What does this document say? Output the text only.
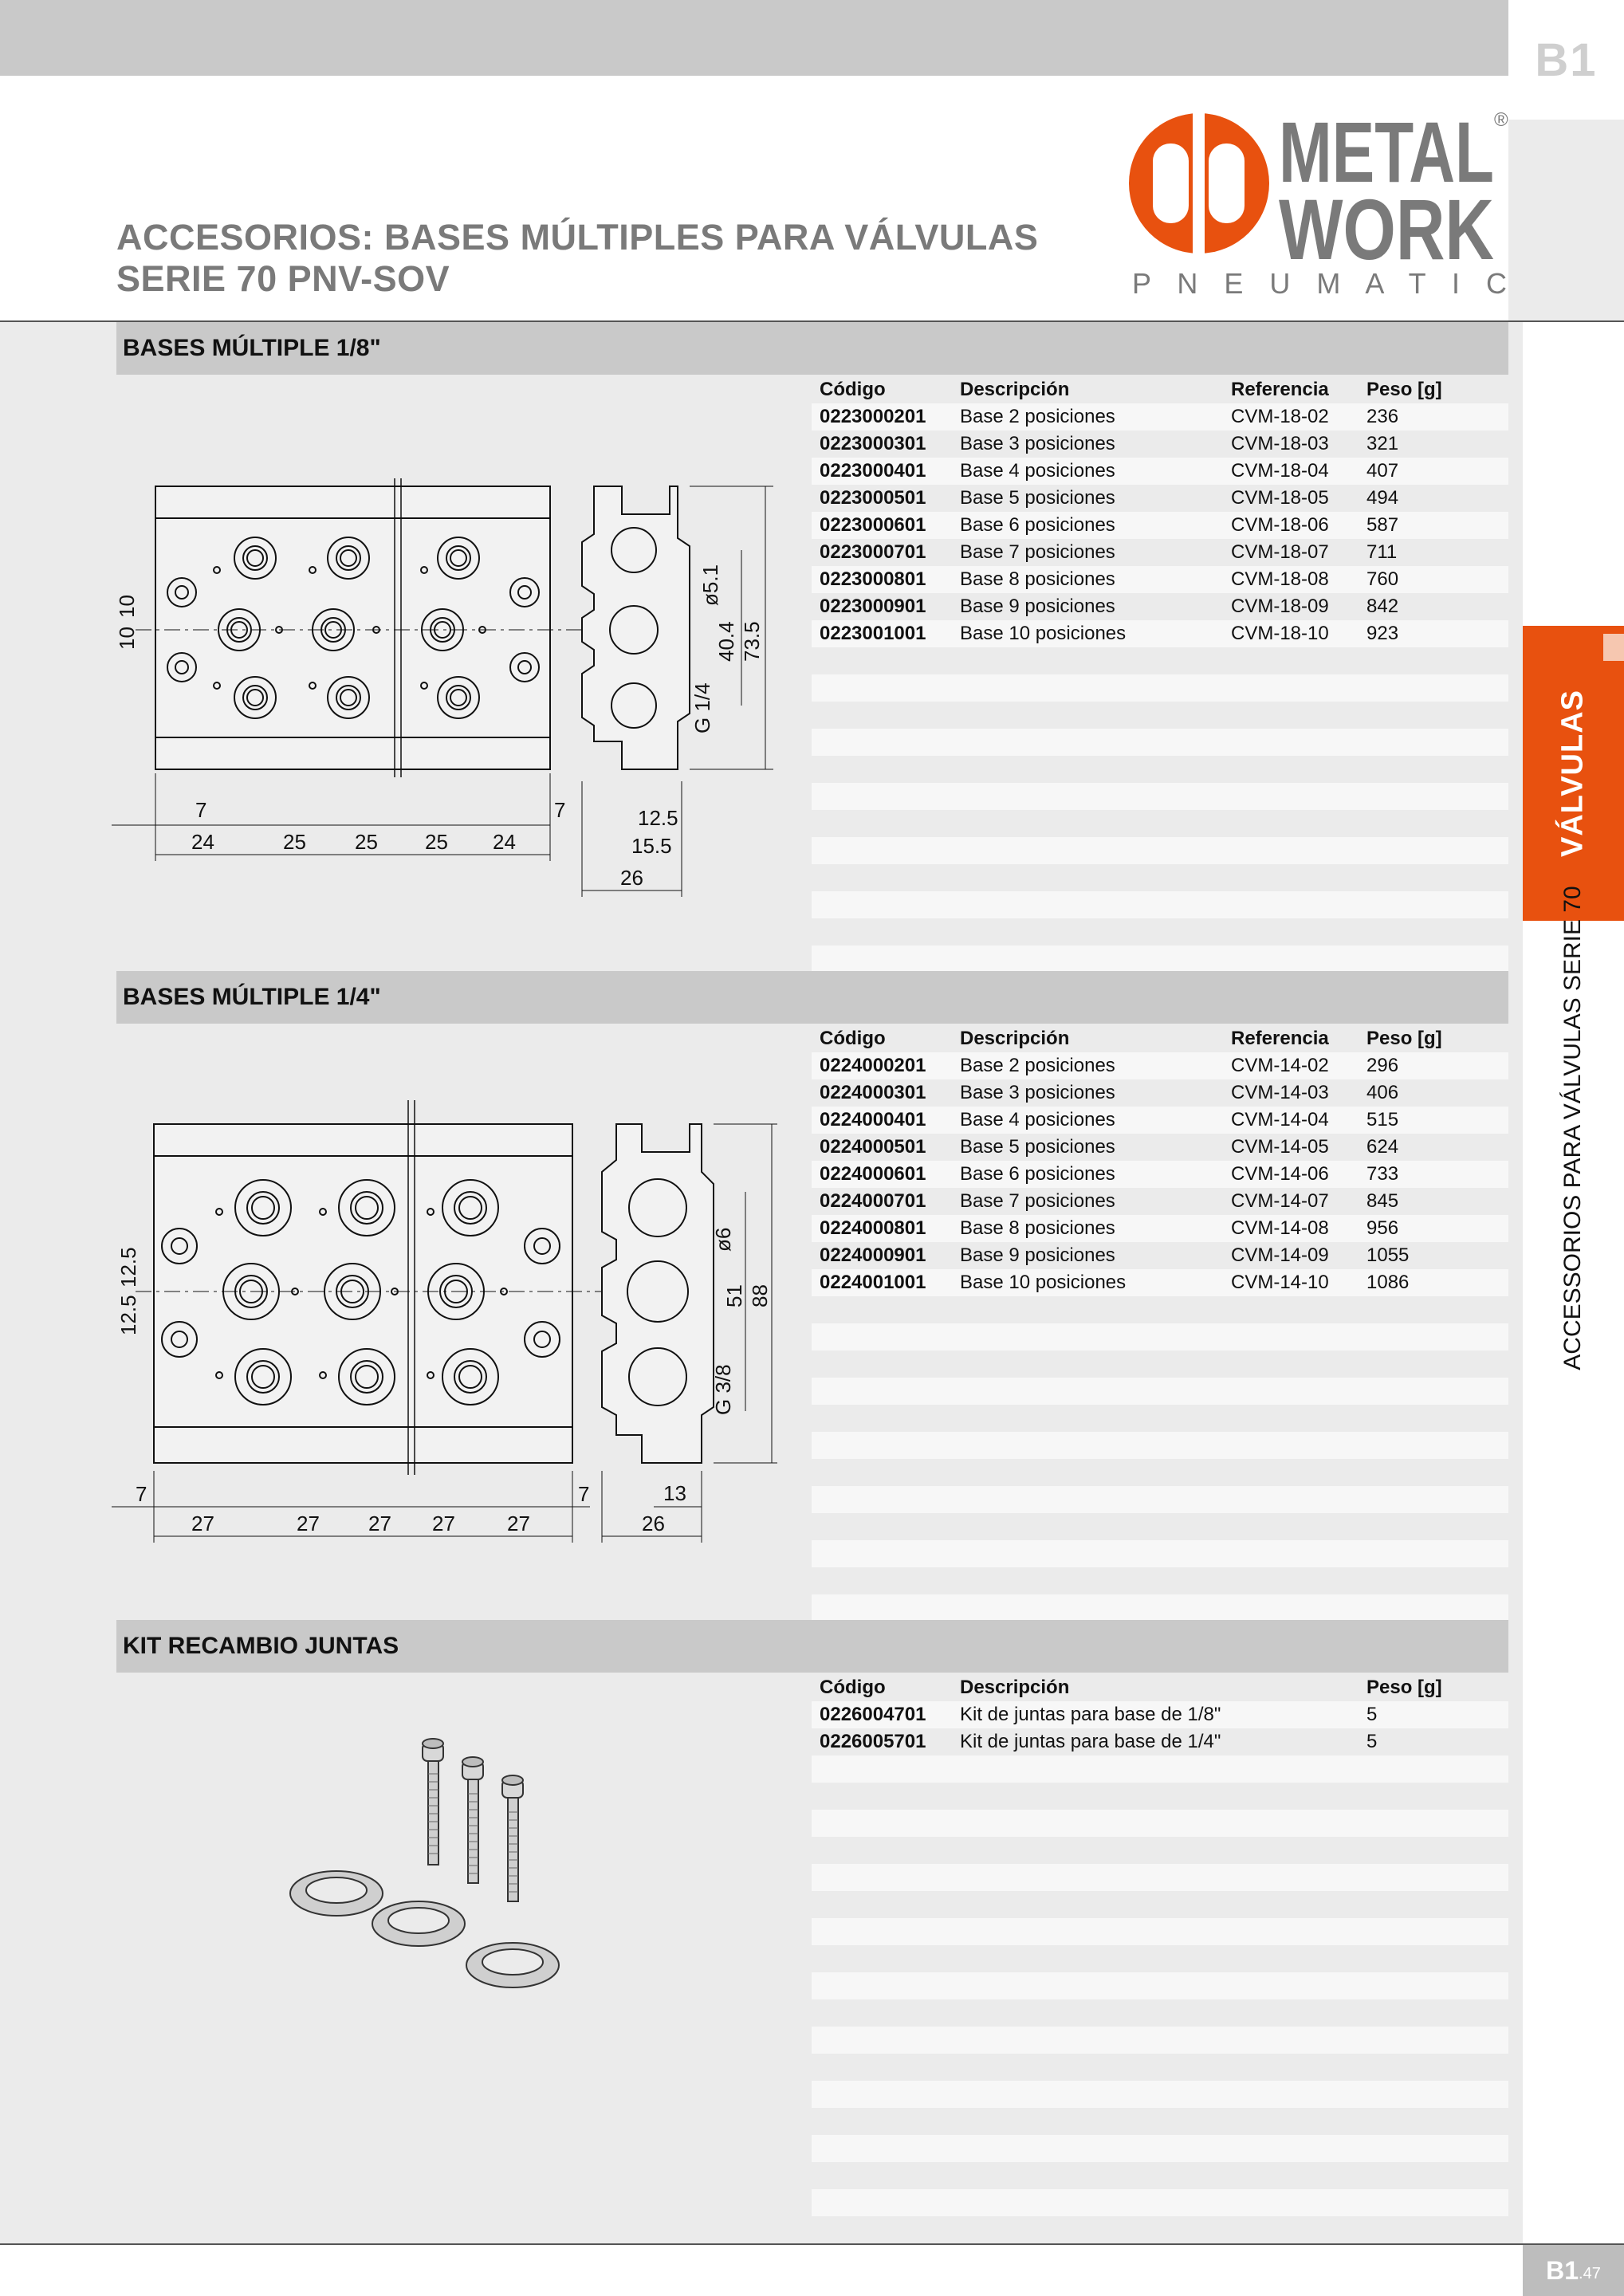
B1
ACCESORIOS: BASES MÚLTIPLES PARA VÁLVULAS
SERIE 70 PNV-SOV
METAL
WORK
®
P N E U M A T I C
VÁLVULAS
ACCESSORIOS PARA VÁLVULAS SERIE 70
BASES MÚLTIPLE 1/8"
Código	Descripción	Referencia	Peso [g]
0223000201	Base 2 posiciones	CVM-18-02	236
0223000301	Base 3 posiciones	CVM-18-03	321
0223000401	Base 4 posiciones	CVM-18-04	407
0223000501	Base 5 posiciones	CVM-18-05	494
0223000601	Base 6 posiciones	CVM-18-06	587
0223000701	Base 7 posiciones	CVM-18-07	711
0223000801	Base 8 posiciones	CVM-18-08	760
0223000901	Base 9 posiciones	CVM-18-09	842
0223001001	Base 10 posiciones	CVM-18-10	923
7	7
24	25 25 25 24
10
10
12.5
15.5
26
ø5.1
40.4 73.5
G 1/4
BASES MÚLTIPLE 1/4"
Código	Descripción	Referencia	Peso [g]
0224000201	Base 2 posiciones	CVM-14-02	296
0224000301	Base 3 posiciones	CVM-14-03	406
0224000401	Base 4 posiciones	CVM-14-04	515
0224000501	Base 5 posiciones	CVM-14-05	624
0224000601	Base 6 posiciones	CVM-14-06	733
0224000701	Base 7 posiciones	CVM-14-07	845
0224000801	Base 8 posiciones	CVM-14-08	956
0224000901	Base 9 posiciones	CVM-14-09	1055
0224001001	Base 10 posiciones	CVM-14-10	1086
7	7
27	27 27 27	27
12.5
12.5
13
26
ø6
51 88
G 3/8
KIT RECAMBIO JUNTAS
Código	Descripción	Peso [g]
0226004701	Kit de juntas para base de 1/8"	5
0226005701	Kit de juntas para base de 1/4"	5
B1 .47
